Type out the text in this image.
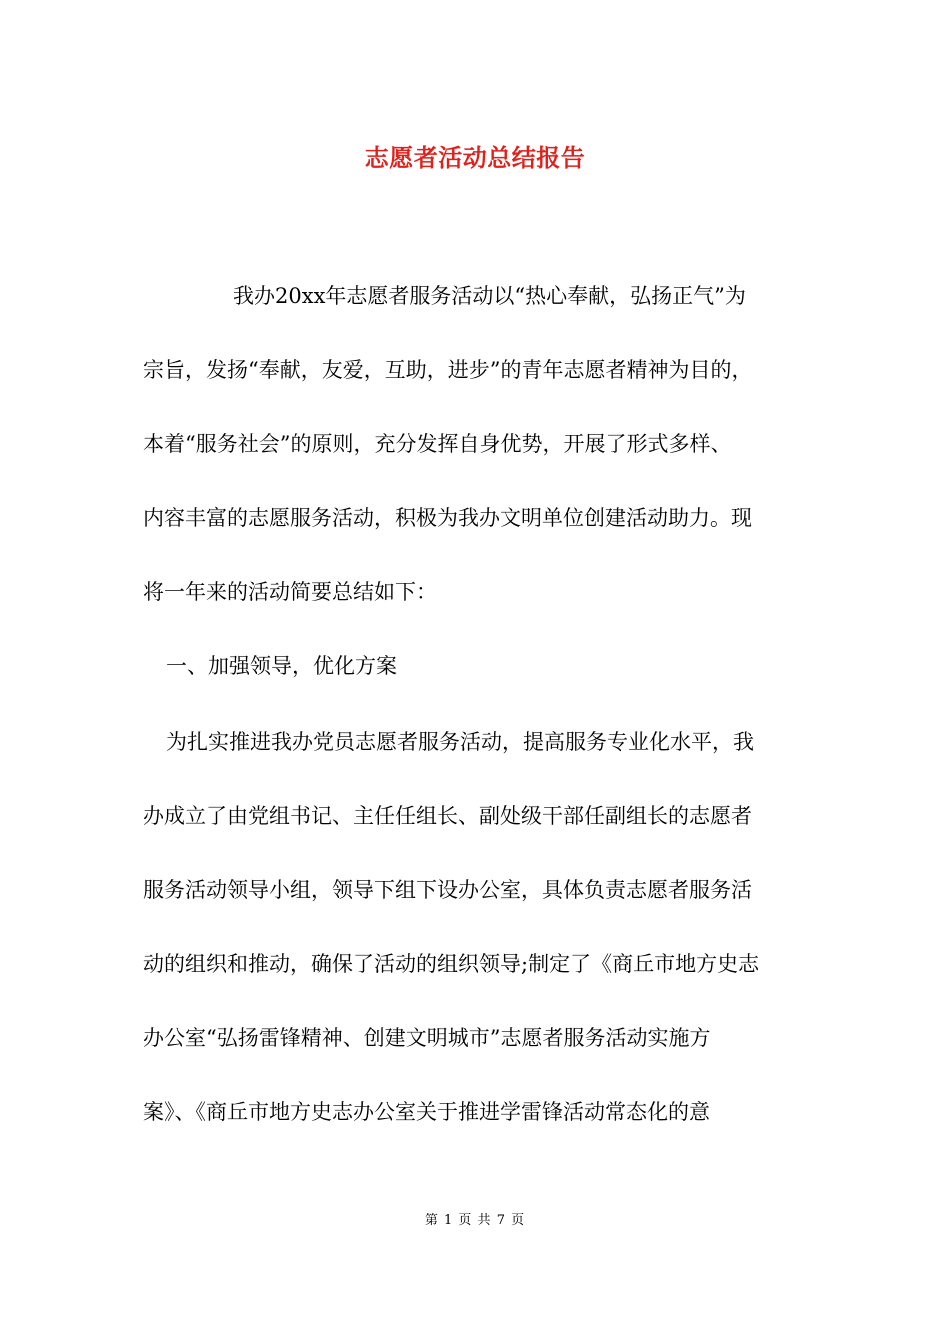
志愿者活动总结报告

我办20xx年志愿者服务活动以“热心奉献，弘扬正气”为

宗旨，发扬“奉献，友爱，互助，进步”的青年志愿者精神为目的，

本着“服务社会”的原则，充分发挥自身优势，开展了形式多样、

内容丰富的志愿服务活动，积极为我办文明单位创建活动助力。现

将一年来的活动简要总结如下：

一、加强领导，优化方案

为扎实推进我办党员志愿者服务活动，提高服务专业化水平，我

办成立了由党组书记、主任任组长、副处级干部任副组长的志愿者

服务活动领导小组，领导下组下设办公室，具体负责志愿者服务活

动的组织和推动，确保了活动的组织领导;制定了《商丘市地方史志

办公室“弘扬雷锋精神、创建文明城市”志愿者服务活动实施方

案》、《商丘市地方史志办公室关于推进学雷锋活动常态化的意

第 1 页 共 7 页
